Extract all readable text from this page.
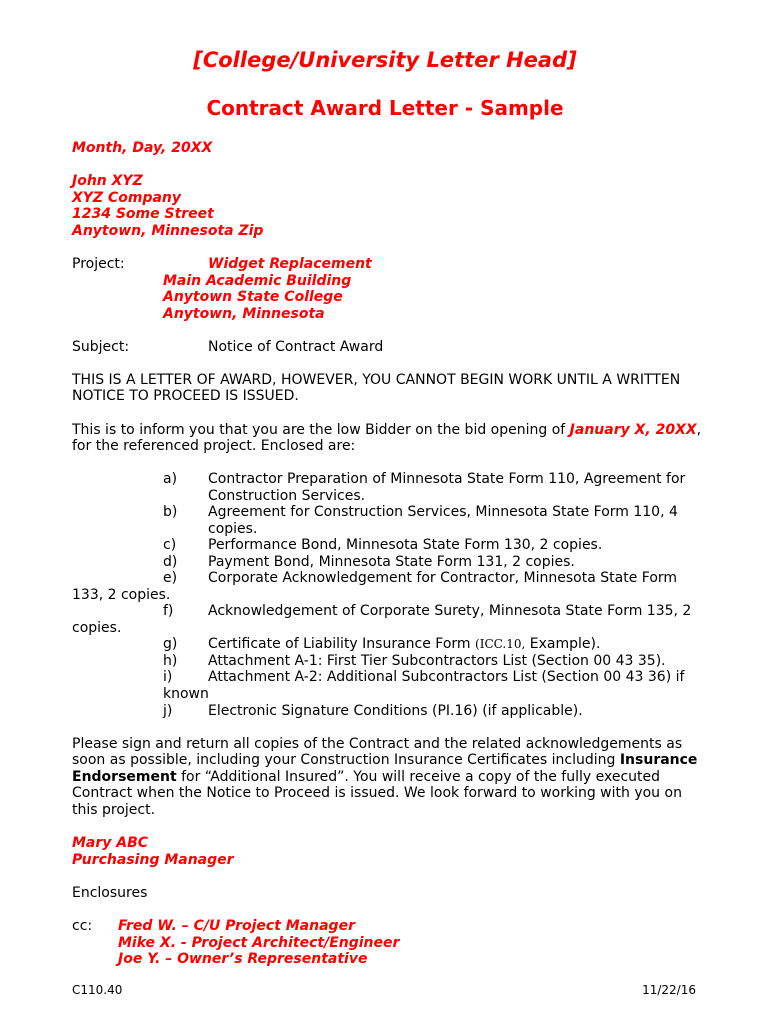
[College/University Letter Head]
Contract Award Letter - Sample
Month, Day, 20XX
John XYZ
XYZ Company
1234 Some Street
Anytown, Minnesota Zip
Project:	Widget Replacement
Main Academic Building
Anytown State College
Anytown, Minnesota
Subject:	Notice of Contract Award
THIS IS A LETTER OF AWARD, HOWEVER, YOU CANNOT BEGIN WORK UNTIL A WRITTEN
NOTICE TO PROCEED IS ISSUED.
This is to inform you that you are the low Bidder on the bid opening of January X, 20XX,
for the referenced project. Enclosed are:
a) Contractor Preparation of Minnesota State Form 110, Agreement for
Construction Services.
b) Agreement for Construction Services, Minnesota State Form 110, 4
copies.
c) Performance Bond, Minnesota State Form 130, 2 copies.
d) Payment Bond, Minnesota State Form 131, 2 copies.
e) Corporate Acknowledgement for Contractor, Minnesota State Form
133, 2 copies.
f) Acknowledgement of Corporate Surety, Minnesota State Form 135, 2
copies.
g) Certificate of Liability Insurance Form (ICC.10, Example).
h) Attachment A-1: First Tier Subcontractors List (Section 00 43 35).
i)	Attachment A-2: Additional Subcontractors List (Section 00 43 36) if
known
j)	Electronic Signature Conditions (PI.16) (if applicable).
Please sign and return all copies of the Contract and the related acknowledgements as
soon as possible, including your Construction Insurance Certificates including Insurance
Endorsement for “Additional Insured”. You will receive a copy of the fully executed
Contract when the Notice to Proceed is issued. We look forward to working with you on
this project.
Mary ABC
Purchasing Manager
Enclosures
cc: Fred W. – C/U Project Manager
Mike X. - Project Architect/Engineer
Joe Y. – Owner’s Representative
C110.40	11/22/16
